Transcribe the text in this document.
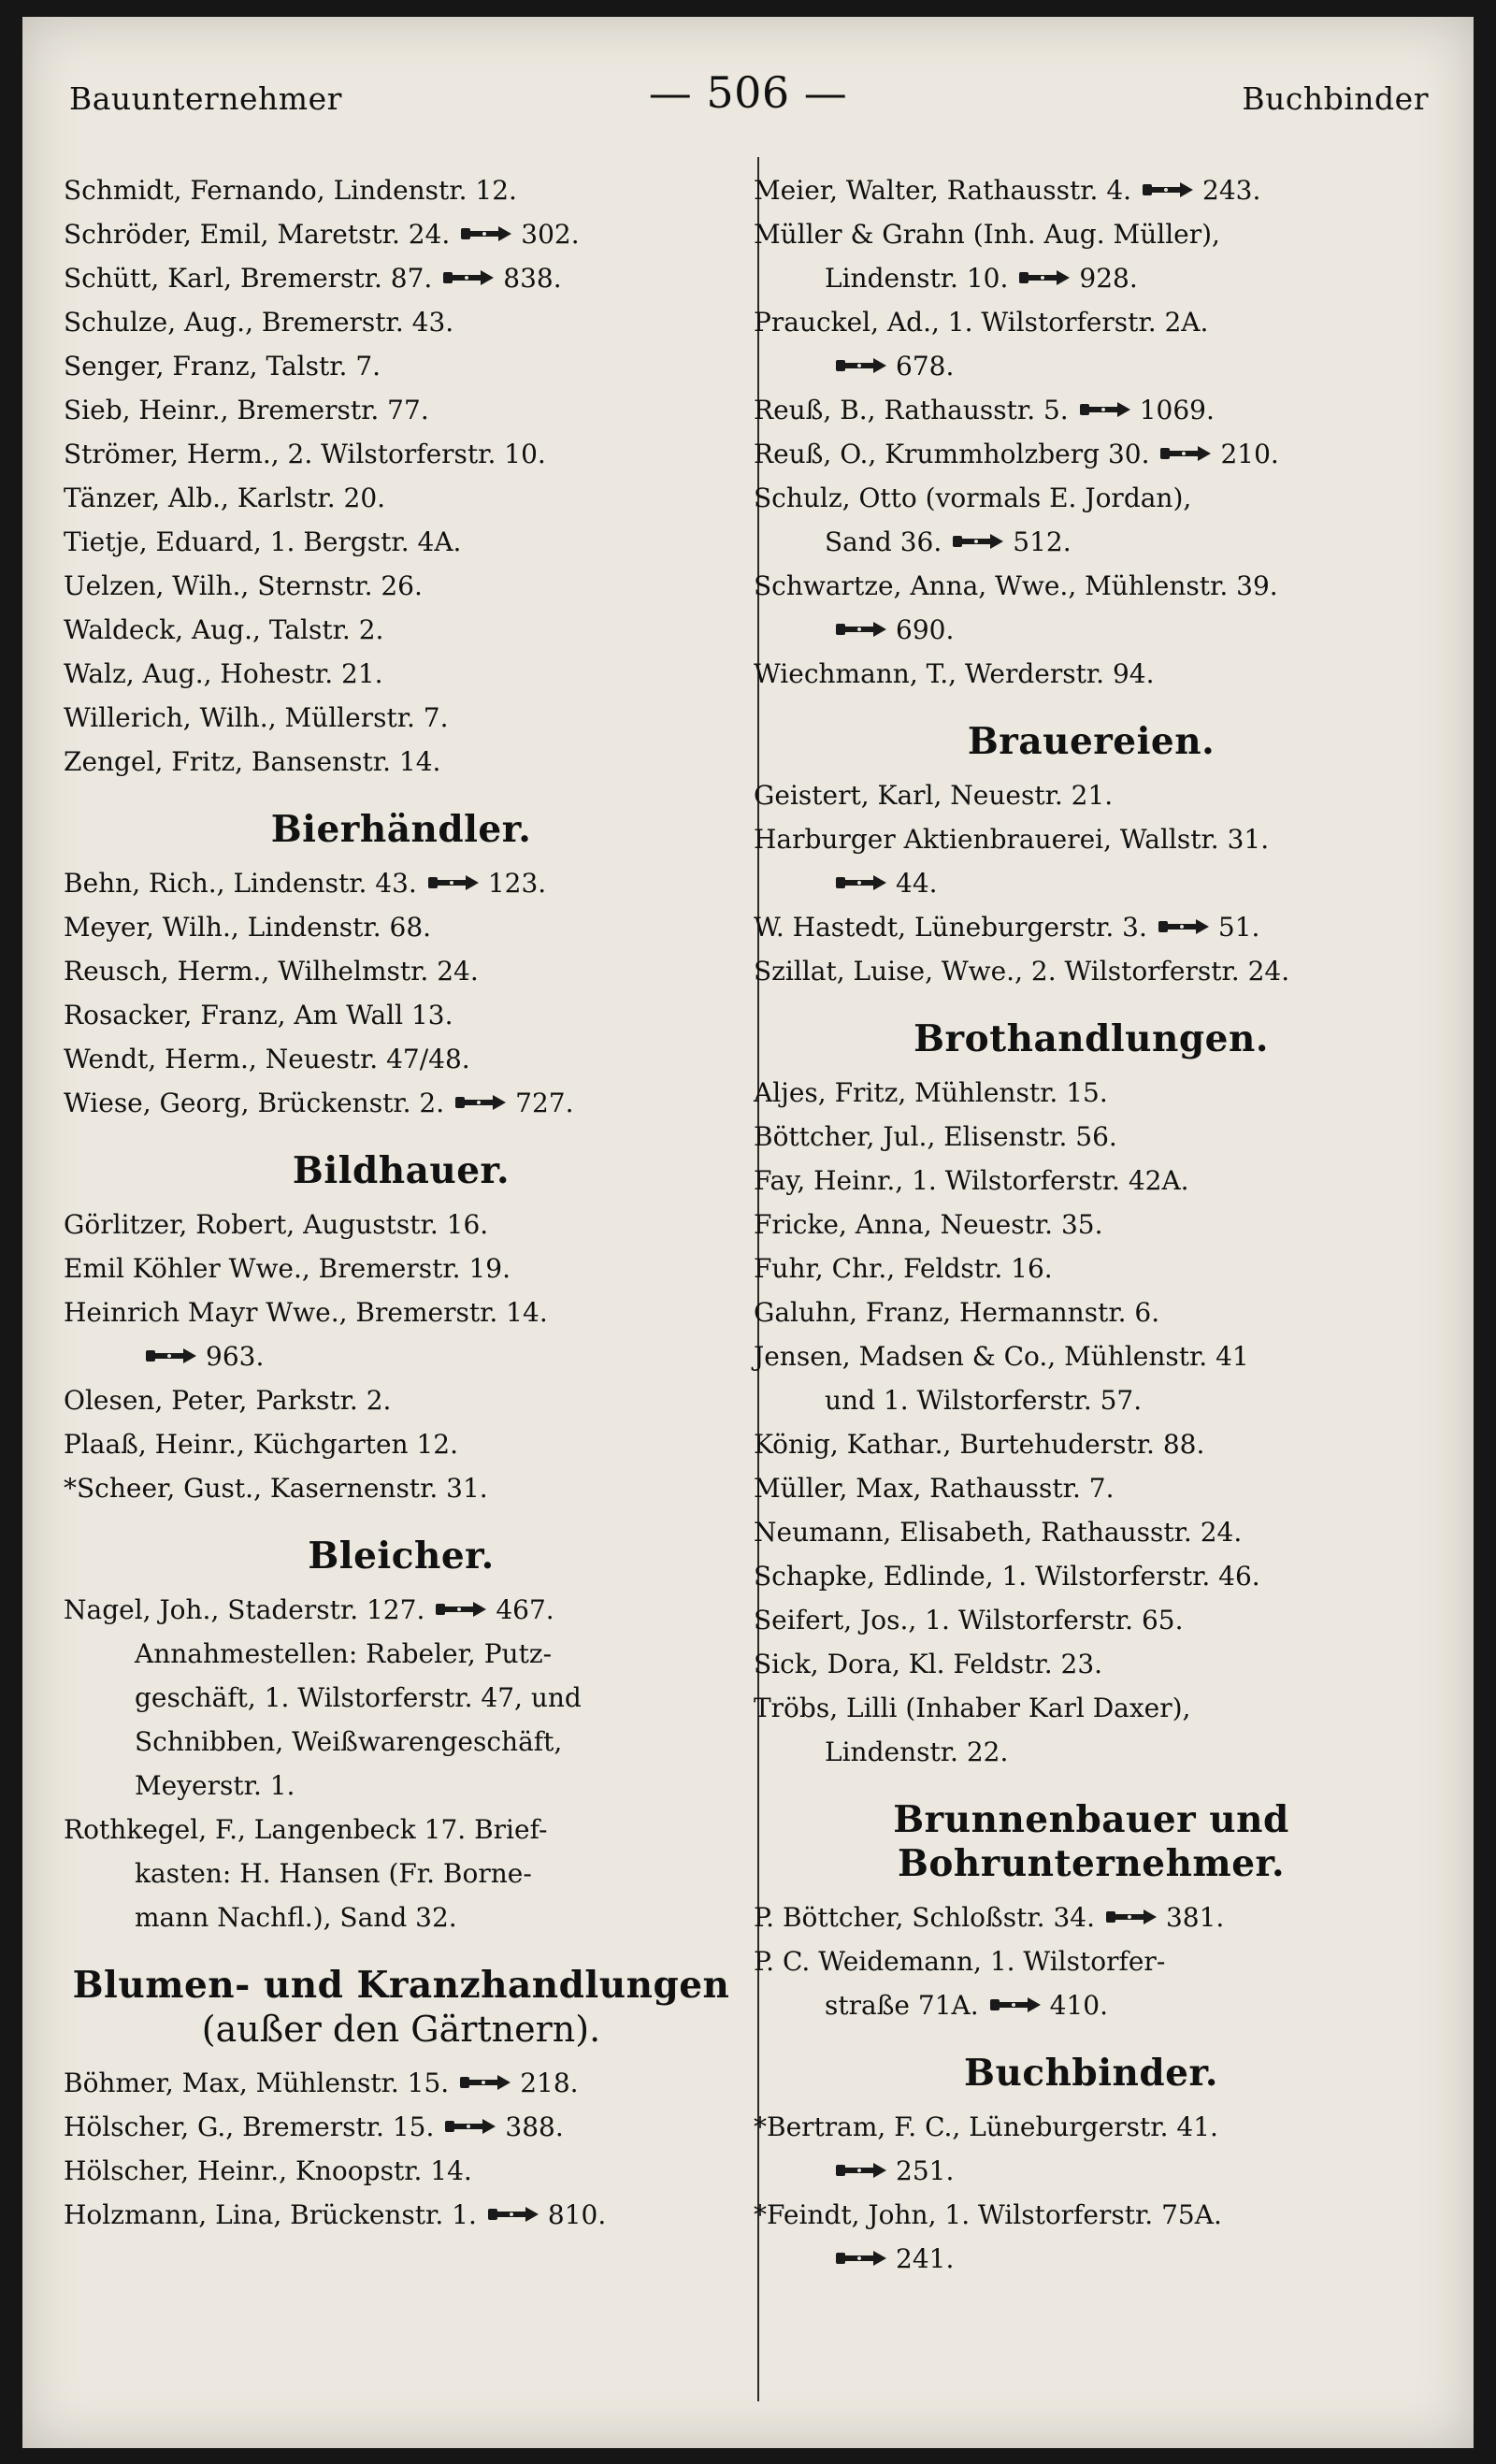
Bauunternehmer	— 506 —	Buchbinder
Schmidt, Fernando, Lindenstr. 12.
Schröder, Emil, Maretstr. 24.	302.
Schütt, Karl, Bremerstr. 87.	838.
Schulze, Aug., Bremerstr. 43.
Senger, Franz, Talstr. 7.
Sieb, Heinr., Bremerstr. 77.
Strömer, Herm., 2. Wilstorferstr. 10.
Tänzer, Alb., Karlstr. 20.
Tietje, Eduard, 1. Bergstr. 4A.
Uelzen, Wilh., Sternstr. 26.
Waldeck, Aug., Talstr. 2.
Walz, Aug., Hohestr. 21.
Willerich, Wilh., Müllerstr. 7.
Zengel, Fritz, Bansenstr. 14.
Bierhändler.
Behn, Rich., Lindenstr. 43.	123.
Meyer, Wilh., Lindenstr. 68.
Reusch, Herm., Wilhelmstr. 24.
Rosacker, Franz, Am Wall 13.
Wendt, Herm., Neuestr. 47/48.
Wiese, Georg, Brückenstr. 2.	727.
Bildhauer.
Görlitzer, Robert, Auguststr. 16.
Emil Köhler Wwe., Bremerstr. 19.
Heinrich Mayr Wwe., Bremerstr. 14.
963.
Olesen, Peter, Parkstr. 2.
Plaaß, Heinr., Küchgarten 12.
*Scheer, Gust., Kasernenstr. 31.
Bleicher.
Nagel, Joh., Staderstr. 127.	467.
Annahmestellen: Rabeler, Putz-
geschäft, 1. Wilstorferstr. 47, und
Schnibben, Weißwarengeschäft,
Meyerstr. 1.
Rothkegel, F., Langenbeck 17. Brief-
kasten: H. Hansen (Fr. Borne-
mann Nachfl.), Sand 32.
Blumen- und Kranzhandlungen
(außer den Gärtnern).
Böhmer, Max, Mühlenstr. 15.	218.
Hölscher, G., Bremerstr. 15.	388.
Hölscher, Heinr., Knoopstr. 14.
Holzmann, Lina, Brückenstr. 1.	810.
Meier, Walter, Rathausstr. 4.	243.
Müller & Grahn (Inh. Aug. Müller),
Lindenstr. 10.	928.
Prauckel, Ad., 1. Wilstorferstr. 2A.
678.
Reuß, B., Rathausstr. 5.	1069.
Reuß, O., Krummholzberg 30.	210.
Schulz, Otto (vormals E. Jordan),
Sand 36.	512.
Schwartze, Anna, Wwe., Mühlenstr. 39.
690.
Wiechmann, T., Werderstr. 94.
Brauereien.
Geistert, Karl, Neuestr. 21.
Harburger Aktienbrauerei, Wallstr. 31.
44.
W. Hastedt, Lüneburgerstr. 3.	51.
Szillat, Luise, Wwe., 2. Wilstorferstr. 24.
Brothandlungen.
Aljes, Fritz, Mühlenstr. 15.
Böttcher, Jul., Elisenstr. 56.
Fay, Heinr., 1. Wilstorferstr. 42A.
Fricke, Anna, Neuestr. 35.
Fuhr, Chr., Feldstr. 16.
Galuhn, Franz, Hermannstr. 6.
Jensen, Madsen & Co., Mühlenstr. 41
und 1. Wilstorferstr. 57.
König, Kathar., Burtehuderstr. 88.
Müller, Max, Rathausstr. 7.
Neumann, Elisabeth, Rathausstr. 24.
Schapke, Edlinde, 1. Wilstorferstr. 46.
Seifert, Jos., 1. Wilstorferstr. 65.
Sick, Dora, Kl. Feldstr. 23.
Tröbs, Lilli (Inhaber Karl Daxer),
Lindenstr. 22.
Brunnenbauer und Bohrunternehmer.
P. Böttcher, Schloßstr. 34.	381.
P. C. Weidemann, 1. Wilstorfer-
straße 71A.	410.
Buchbinder.
*Bertram, F. C., Lüneburgerstr. 41.
251.
*Feindt, John, 1. Wilstorferstr. 75A.
241.
